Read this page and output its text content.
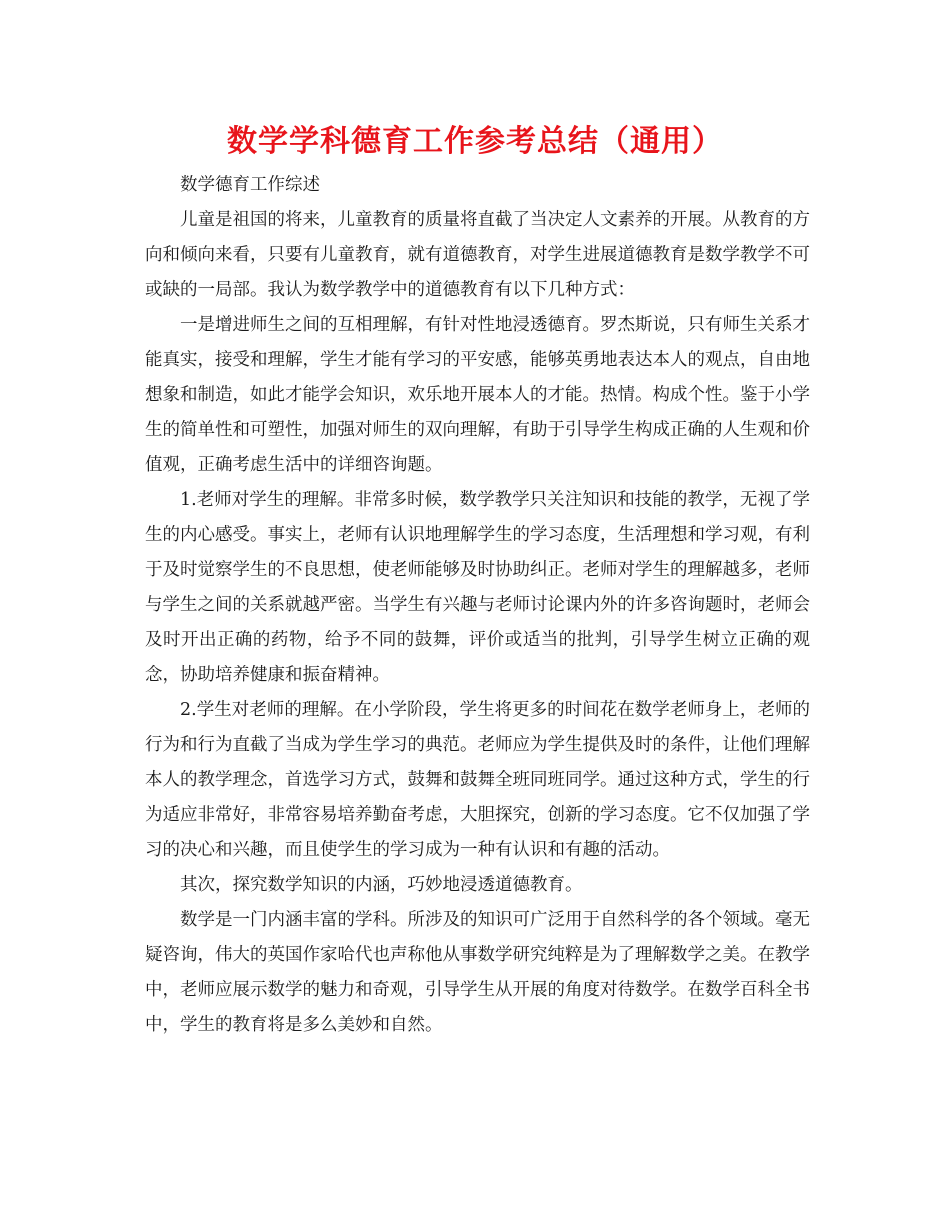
数学学科德育工作参考总结（通用）

数学德育工作综述

儿童是祖国的将来，儿童教育的质量将直截了当决定人文素养的开展。从教育的方向和倾向来看，只要有儿童教育，就有道德教育，对学生进展道德教育是数学教学不可或缺的一局部。我认为数学教学中的道德教育有以下几种方式：

一是增进师生之间的互相理解，有针对性地浸透德育。罗杰斯说，只有师生关系才能真实，接受和理解，学生才能有学习的平安感，能够英勇地表达本人的观点，自由地想象和制造，如此才能学会知识，欢乐地开展本人的才能。热情。构成个性。鉴于小学生的简单性和可塑性，加强对师生的双向理解，有助于引导学生构成正确的人生观和价值观，正确考虑生活中的详细咨询题。

1.老师对学生的理解。非常多时候，数学教学只关注知识和技能的教学，无视了学生的内心感受。事实上，老师有认识地理解学生的学习态度，生活理想和学习观，有利于及时觉察学生的不良思想，使老师能够及时协助纠正。老师对学生的理解越多，老师与学生之间的关系就越严密。当学生有兴趣与老师讨论课内外的许多咨询题时，老师会及时开出正确的药物，给予不同的鼓舞，评价或适当的批判，引导学生树立正确的观念，协助培养健康和振奋精神。

2.学生对老师的理解。在小学阶段，学生将更多的时间花在数学老师身上，老师的行为和行为直截了当成为学生学习的典范。老师应为学生提供及时的条件，让他们理解本人的教学理念，首选学习方式，鼓舞和鼓舞全班同班同学。通过这种方式，学生的行为适应非常好，非常容易培养勤奋考虑，大胆探究，创新的学习态度。它不仅加强了学习的决心和兴趣，而且使学生的学习成为一种有认识和有趣的活动。

其次，探究数学知识的内涵，巧妙地浸透道德教育。

数学是一门内涵丰富的学科。所涉及的知识可广泛用于自然科学的各个领域。毫无疑咨询，伟大的英国作家哈代也声称他从事数学研究纯粹是为了理解数学之美。在教学中，老师应展示数学的魅力和奇观，引导学生从开展的角度对待数学。在数学百科全书中，学生的教育将是多么美妙和自然。
